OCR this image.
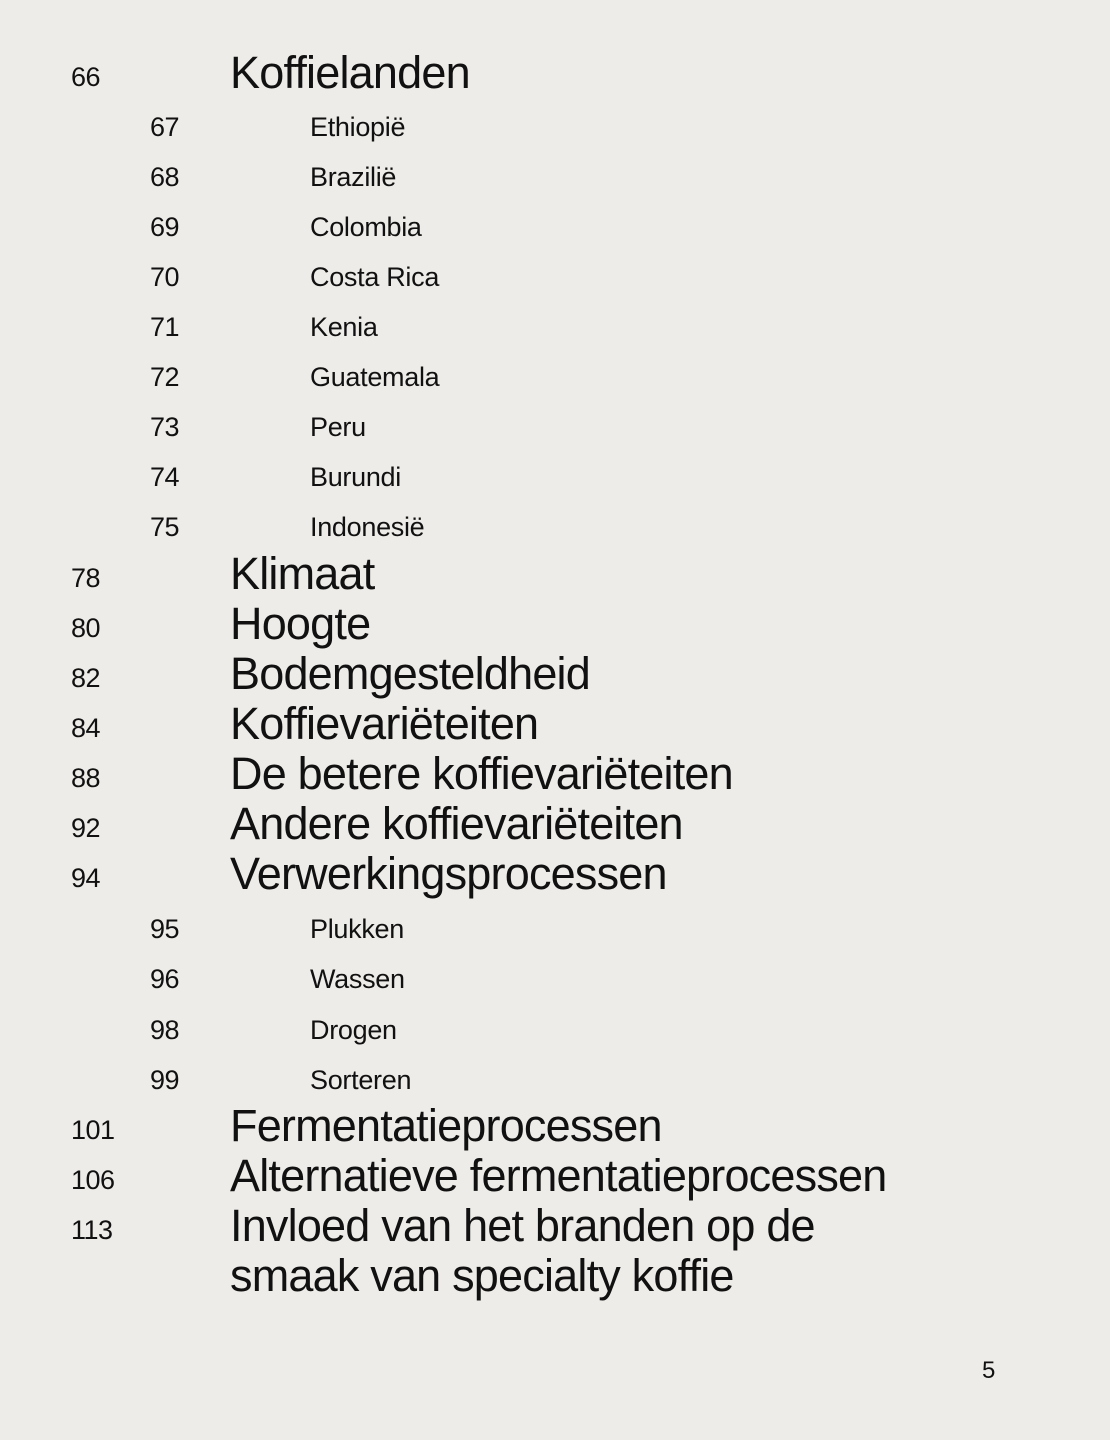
66	Koffielanden
67	Ethiopië
68	Brazilië
69	Colombia
70	Costa Rica
71	Kenia
72	Guatemala
73	Peru
74	Burundi
75	Indonesië
78	Klimaat
80	Hoogte
82	Bodemgesteldheid
84	Koffievariëteiten
88	De betere koffievariëteiten
92	Andere koffievariëteiten
94	Verwerkingsprocessen
95	Plukken
96	Wassen
98	Drogen
99	Sorteren
101	Fermentatieprocessen
106	Alternatieve fermentatieprocessen
113	Invloed van het branden op de
smaak van specialty koffie
5
